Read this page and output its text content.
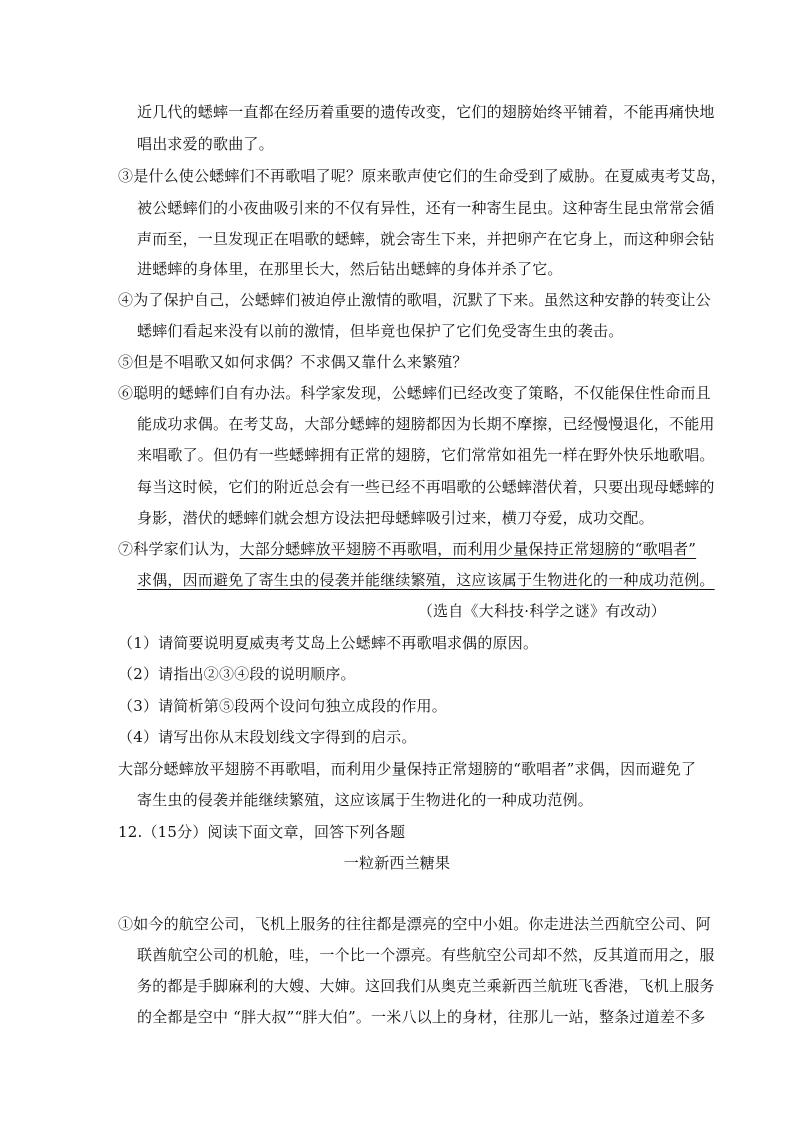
近几代的蟋蟀一直都在经历着重要的遗传改变，它们的翅膀始终平铺着，不能再痛快地
唱出求爱的歌曲了。
③是什么使公蟋蟀们不再歌唱了呢？原来歌声使它们的生命受到了威胁。在夏威夷考艾岛，
被公蟋蟀们的小夜曲吸引来的不仅有异性，还有一种寄生昆虫。这种寄生昆虫常常会循
声而至，一旦发现正在唱歌的蟋蟀，就会寄生下来，并把卵产在它身上，而这种卵会钻
进蟋蟀的身体里，在那里长大，然后钻出蟋蟀的身体并杀了它。
④为了保护自己，公蟋蟀们被迫停止激情的歌唱，沉默了下来。虽然这种安静的转变让公
蟋蟀们看起来没有以前的激情，但毕竟也保护了它们免受寄生虫的袭击。
⑤但是不唱歌又如何求偶？不求偶又靠什么来繁殖？
⑥聪明的蟋蟀们自有办法。科学家发现，公蟋蟀们已经改变了策略，不仅能保住性命而且
能成功求偶。在考艾岛，大部分蟋蟀的翅膀都因为长期不摩擦，已经慢慢退化，不能用
来唱歌了。但仍有一些蟋蟀拥有正常的翅膀，它们常常如祖先一样在野外快乐地歌唱。
每当这时候，它们的附近总会有一些已经不再唱歌的公蟋蟀潜伏着，只要出现母蟋蟀的
身影，潜伏的蟋蟀们就会想方设法把母蟋蟀吸引过来，横刀夺爱，成功交配。
⑦科学家们认为，大部分蟋蟀放平翅膀不再歌唱，而利用少量保持正常翅膀的“歌唱者”
求偶，因而避免了寄生虫的侵袭并能继续繁殖，这应该属于生物进化的一种成功范例。
（选自《大科技·科学之谜》有改动）
（1）请简要说明夏威夷考艾岛上公蟋蟀不再歌唱求偶的原因。
（2）请指出②③④段的说明顺序。
（3）请简析第⑤段两个设问句独立成段的作用。
（4）请写出你从末段划线文字得到的启示。
大部分蟋蟀放平翅膀不再歌唱，而利用少量保持正常翅膀的“歌唱者”求偶，因而避免了
寄生虫的侵袭并能继续繁殖，这应该属于生物进化的一种成功范例。
12.（15分）阅读下面文章，回答下列各题
一粒新西兰糖果
①如今的航空公司，飞机上服务的往往都是漂亮的空中小姐。你走进法兰西航空公司、阿
联酋航空公司的机舱，哇，一个比一个漂亮。有些航空公司却不然，反其道而用之，服
务的都是手脚麻利的大嫂、大婶。这回我们从奥克兰乘新西兰航班飞香港，飞机上服务
的全都是空中 “胖大叔”“胖大伯”。一米八以上的身材，往那儿一站，整条过道差不多
